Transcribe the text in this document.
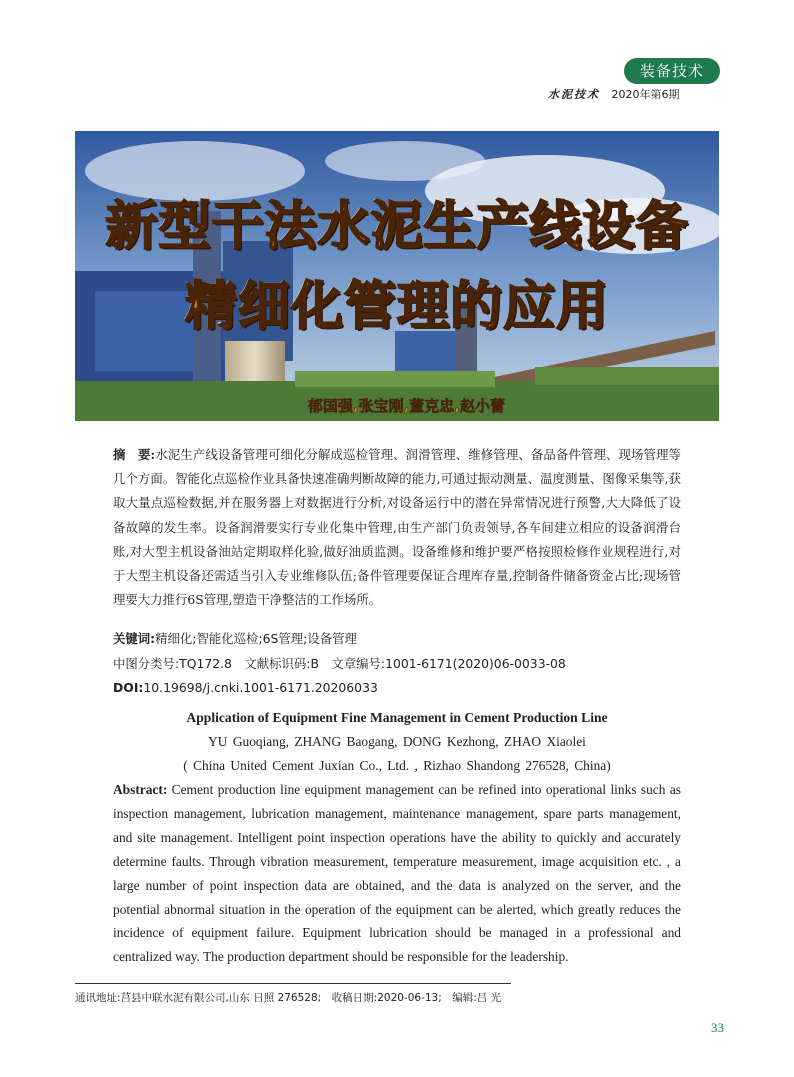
装备技术
水泥技术 2020年第6期
新型干法水泥生产线设备
精细化管理的应用
郁国强,张宝刚,董克忠,赵小蕾
摘　要:水泥生产线设备管理可细化分解成巡检管理、润滑管理、维修管理、备品备件管理、现场管理等几个方面。智能化点巡检作业具备快速准确判断故障的能力,可通过振动测量、温度测量、图像采集等,获取大量点巡检数据,并在服务器上对数据进行分析,对设备运行中的潜在异常情况进行预警,大大降低了设备故障的发生率。设备润滑要实行专业化集中管理,由生产部门负责领导,各车间建立相应的设备润滑台账,对大型主机设备油站定期取样化验,做好油质监测。设备维修和维护要严格按照检修作业规程进行,对于大型主机设备还需适当引入专业维修队伍;备件管理要保证合理库存量,控制备件储备资金占比;现场管理要大力推行6S管理,塑造干净整洁的工作场所。
关键词:精细化;智能化巡检;6S管理;设备管理
中图分类号:TQ172.8　文献标识码:B　文章编号:1001-6171(2020)06-0033-08
DOI:10.19698/j.cnki.1001-6171.20206033
Application of Equipment Fine Management in Cement Production Line
YU Guoqiang, ZHANG Baogang, DONG Kezhong, ZHAO Xiaolei
( China United Cement Juxian Co., Ltd. , Rizhao Shandong 276528, China)
Abstract: Cement production line equipment management can be refined into operational links such as inspection management, lubrication management, maintenance management, spare parts management, and site management. Intelligent point inspection operations have the ability to quickly and accurately determine faults. Through vibration measurement, temperature measurement, image acquisition etc. , a large number of point inspection data are obtained, and the data is analyzed on the server, and the potential abnormal situation in the operation of the equipment can be alerted, which greatly reduces the incidence of equipment failure. Equipment lubrication should be managed in a professional and centralized way. The production department should be responsible for the leadership.
通讯地址:莒县中联水泥有限公司,山东 日照 276528;　收稿日期:2020-06-13;　编辑:吕 光
33
